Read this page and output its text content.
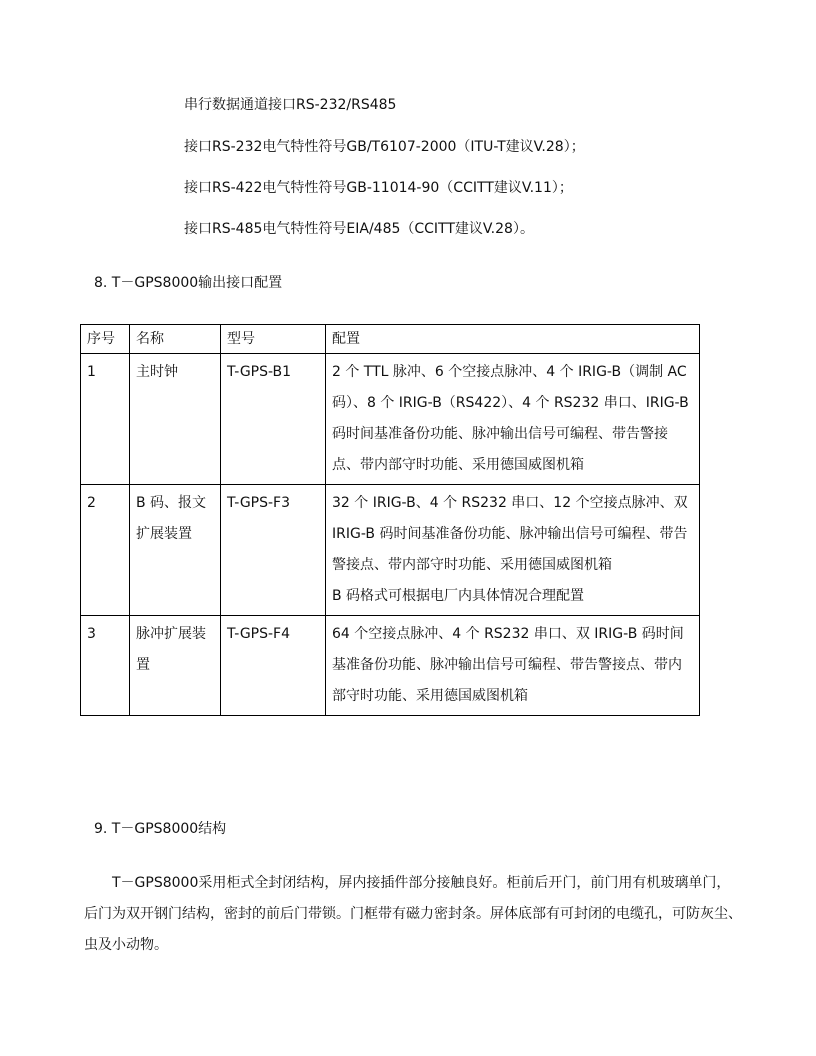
串行数据通道接口RS-232/RS485
接口RS-232电气特性符号GB/T6107-2000（ITU-T建议V.28）；
接口RS-422电气特性符号GB-11014-90（CCITT建议V.11）；
接口RS-485电气特性符号EIA/485（CCITT建议V.28）。
8. T－GPS8000输出接口配置
序号	名称	型号	配置
1	主时钟	T-GPS-B1	2 个 TTL 脉冲、6 个空接点脉冲、4 个 IRIG-B（调制 AC 码）、8 个 IRIG-B（RS422）、4 个 RS232 串口、IRIG-B 码时间基准备份功能、脉冲输出信号可编程、带告警接点、带内部守时功能、采用德国威图机箱
2	B 码、报文扩展装置	T-GPS-F3	32 个 IRIG-B、4 个 RS232 串口、12 个空接点脉冲、双 IRIG-B 码时间基准备份功能、脉冲输出信号可编程、带告警接点、带内部守时功能、采用德国威图机箱
B 码格式可根据电厂内具体情况合理配置

3	脉冲扩展装置	T-GPS-F4	64 个空接点脉冲、4 个 RS232 串口、双 IRIG-B 码时间基准备份功能、脉冲输出信号可编程、带告警接点、带内部守时功能、采用德国威图机箱
9. T－GPS8000结构
T－GPS8000采用柜式全封闭结构，屏内接插件部分接触良好。柜前后开门，前门用有机玻璃单门，后门为双开钢门结构，密封的前后门带锁。门框带有磁力密封条。屏体底部有可封闭的电缆孔，可防灰尘、虫及小动物。
